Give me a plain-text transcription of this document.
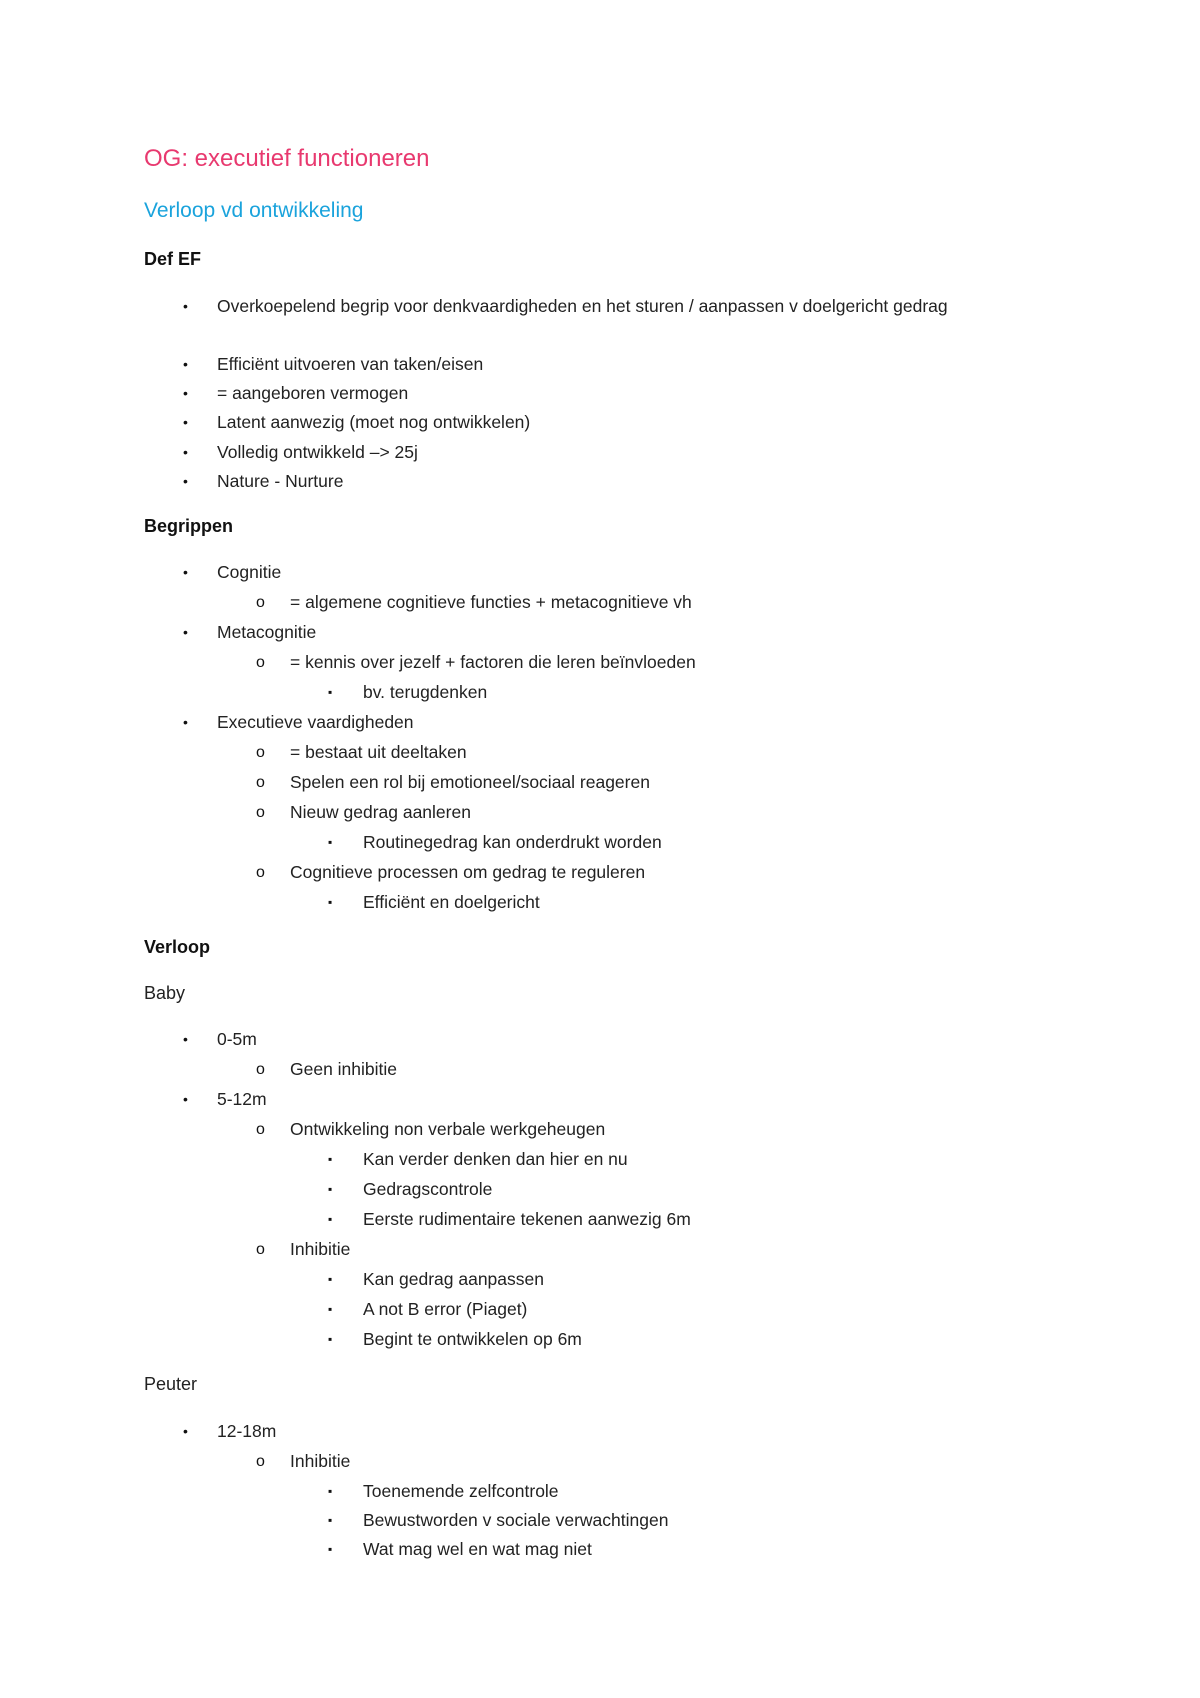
OG: executief functioneren
Verloop vd ontwikkeling
Def EF
• Overkoepelend begrip voor denkvaardigheden en het sturen / aanpassen v doelgericht gedrag
• Efficiënt uitvoeren van taken/eisen
• = aangeboren vermogen
• Latent aanwezig (moet nog ontwikkelen)
• Volledig ontwikkeld –> 25j
• Nature - Nurture
Begrippen
• Cognitie
o = algemene cognitieve functies + metacognitieve vh
• Metacognitie
o = kennis over jezelf + factoren die leren beïnvloeden
▪ bv. terugdenken
• Executieve vaardigheden
o = bestaat uit deeltaken
o Spelen een rol bij emotioneel/sociaal reageren
o Nieuw gedrag aanleren
▪ Routinegedrag kan onderdrukt worden
o Cognitieve processen om gedrag te reguleren
▪ Efficiënt en doelgericht
Verloop
Baby
• 0-5m
o Geen inhibitie
• 5-12m
o Ontwikkeling non verbale werkgeheugen
▪ Kan verder denken dan hier en nu
▪ Gedragscontrole
▪ Eerste rudimentaire tekenen aanwezig 6m
o Inhibitie
▪ Kan gedrag aanpassen
▪ A not B error (Piaget)
▪ Begint te ontwikkelen op 6m
Peuter
• 12-18m
o Inhibitie
▪ Toenemende zelfcontrole
▪ Bewustworden v sociale verwachtingen
▪ Wat mag wel en wat mag niet
